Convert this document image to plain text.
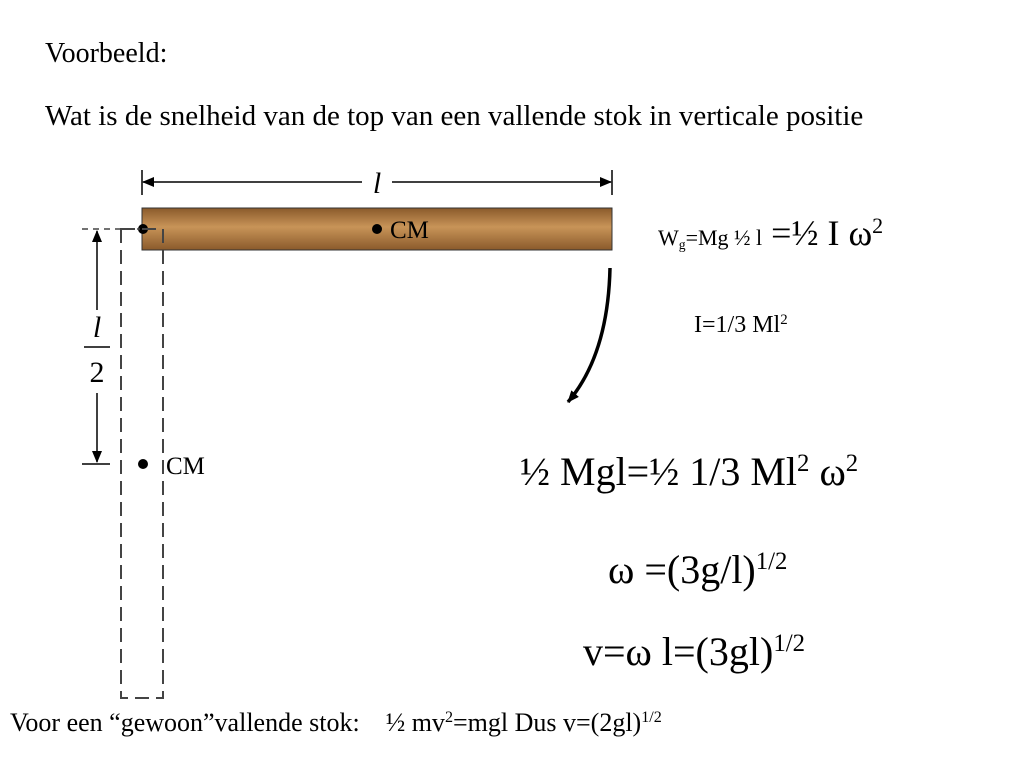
Voorbeeld:
Wat is de snelheid van de top van een vallende stok in verticale positie
l
CM
l
2
CM
$W_g=Mg$ ½ l =½ I $\omega^2$
I=1/3 Ml$^2$
½ Mgl=½ 1/3 Ml$^2$ $\omega^2$
$\omega =(3g/l)^{1/2}$
v=ω $l=(3gl)^{1/2}$
Voor een “gewoon”vallende stok: ½ $mv^2=mgl$ Dus $v=(2gl)^{1/2}$
